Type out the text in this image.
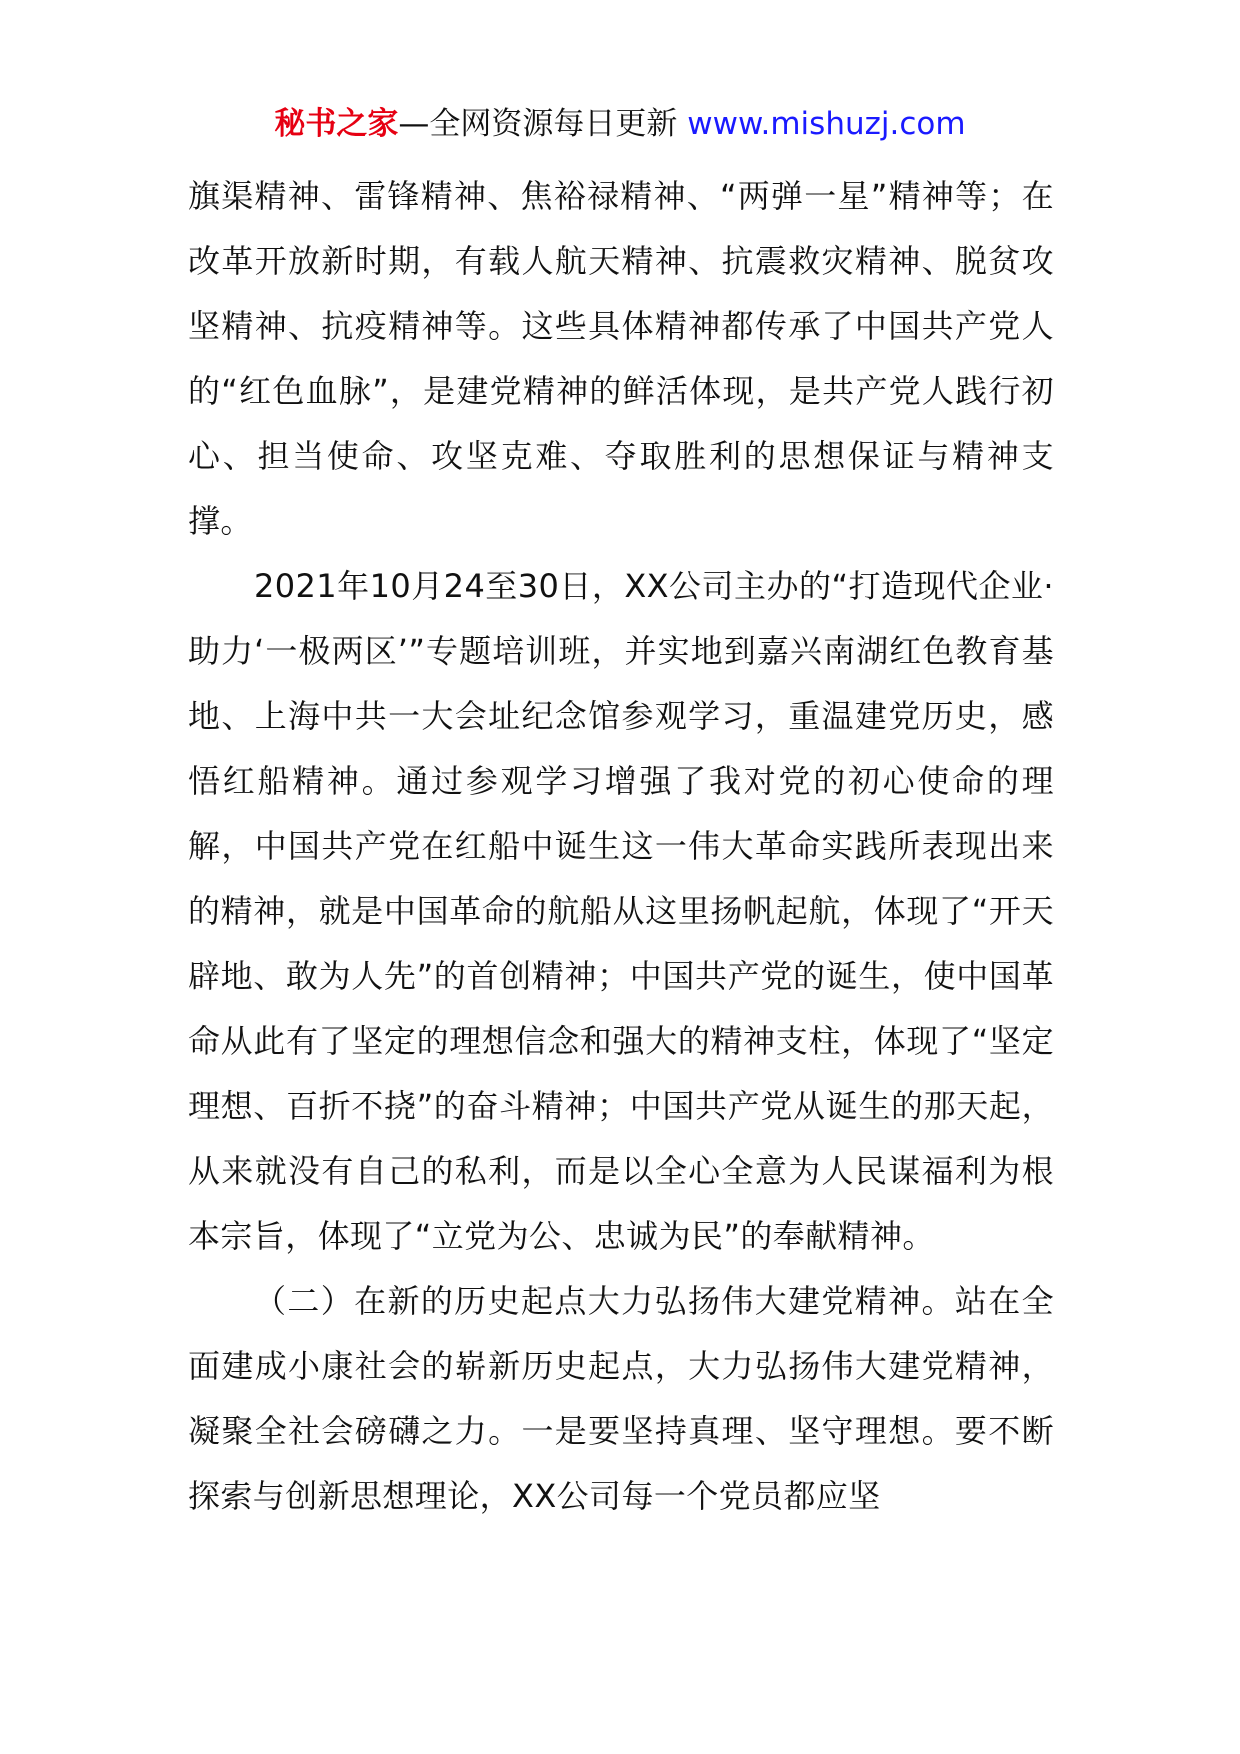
秘书之家—全网资源每日更新 www.mishuzj.com

旗渠精神、雷锋精神、焦裕禄精神、“两弹一星”精神等；在改革开放新时期，有载人航天精神、抗震救灾精神、脱贫攻坚精神、抗疫精神等。这些具体精神都传承了中国共产党人的“红色血脉”，是建党精神的鲜活体现，是共产党人践行初心、担当使命、攻坚克难、夺取胜利的思想保证与精神支撑。

2021年10月24至30日，XX公司主办的“打造现代企业·助力‘一极两区’”专题培训班，并实地到嘉兴南湖红色教育基地、上海中共一大会址纪念馆参观学习，重温建党历史，感悟红船精神。通过参观学习增强了我对党的初心使命的理解，中国共产党在红船中诞生这一伟大革命实践所表现出来的精神，就是中国革命的航船从这里扬帆起航，体现了“开天辟地、敢为人先”的首创精神；中国共产党的诞生，使中国革命从此有了坚定的理想信念和强大的精神支柱，体现了“坚定理想、百折不挠”的奋斗精神；中国共产党从诞生的那天起，从来就没有自己的私利，而是以全心全意为人民谋福利为根本宗旨，体现了“立党为公、忠诚为民”的奉献精神。

（二）在新的历史起点大力弘扬伟大建党精神。站在全面建成小康社会的崭新历史起点，大力弘扬伟大建党精神，凝聚全社会磅礴之力。一是要坚持真理、坚守理想。要不断探索与创新思想理论，XX公司每一个党员都应坚
